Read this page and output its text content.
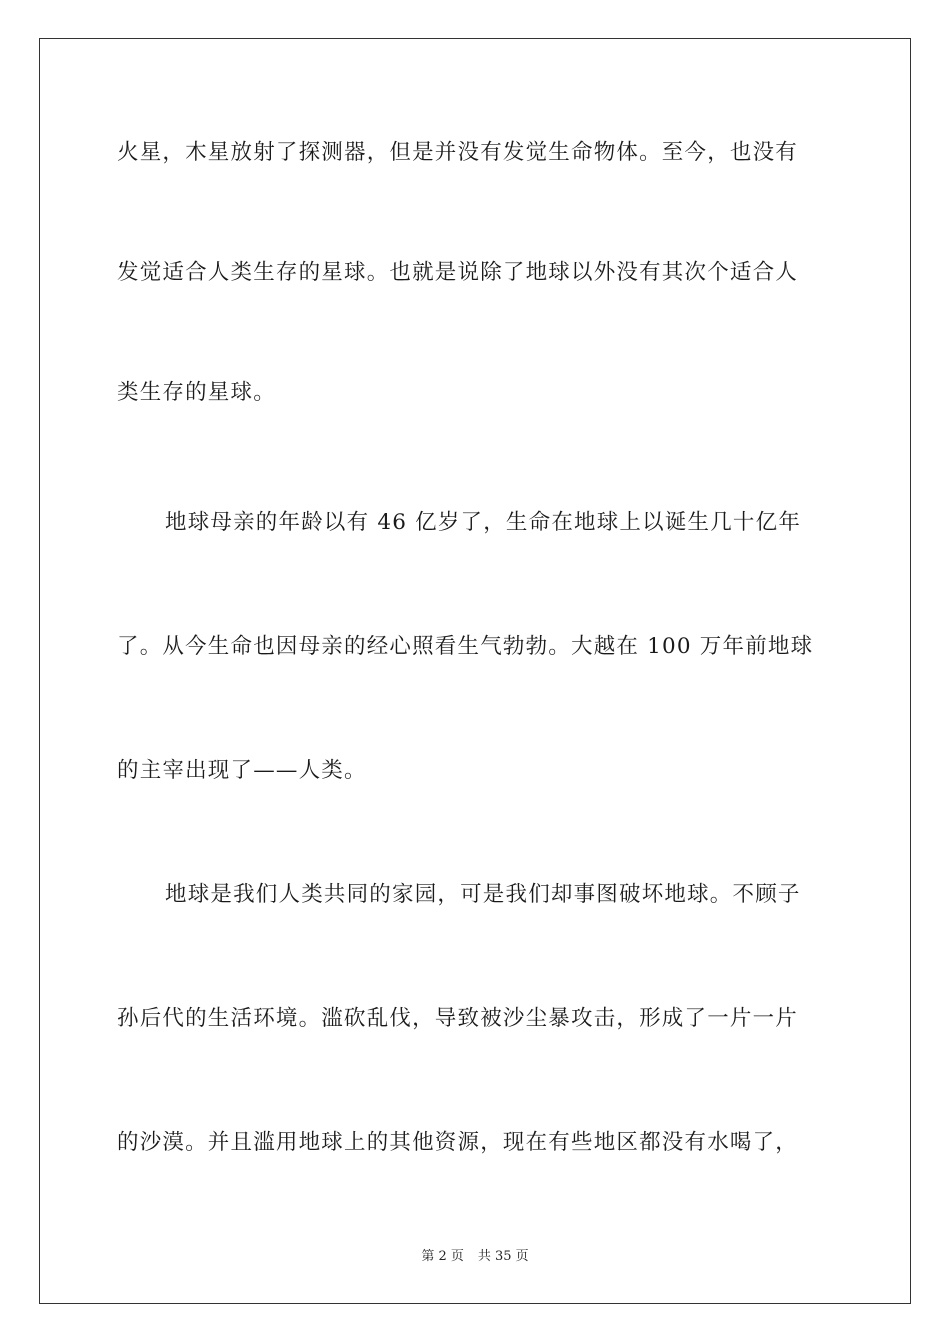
火星，木星放射了探测器，但是并没有发觉生命物体。至今，也没有
发觉适合人类生存的星球。也就是说除了地球以外没有其次个适合人
类生存的星球。
地球母亲的年龄以有 46 亿岁了，生命在地球上以诞生几十亿年
了。从今生命也因母亲的经心照看生气勃勃。大越在 100 万年前地球
的主宰出现了——人类。
地球是我们人类共同的家园，可是我们却事图破坏地球。不顾子
孙后代的生活环境。滥砍乱伐，导致被沙尘暴攻击，形成了一片一片
的沙漠。并且滥用地球上的其他资源，现在有些地区都没有水喝了，
第 2 页 共 35 页
